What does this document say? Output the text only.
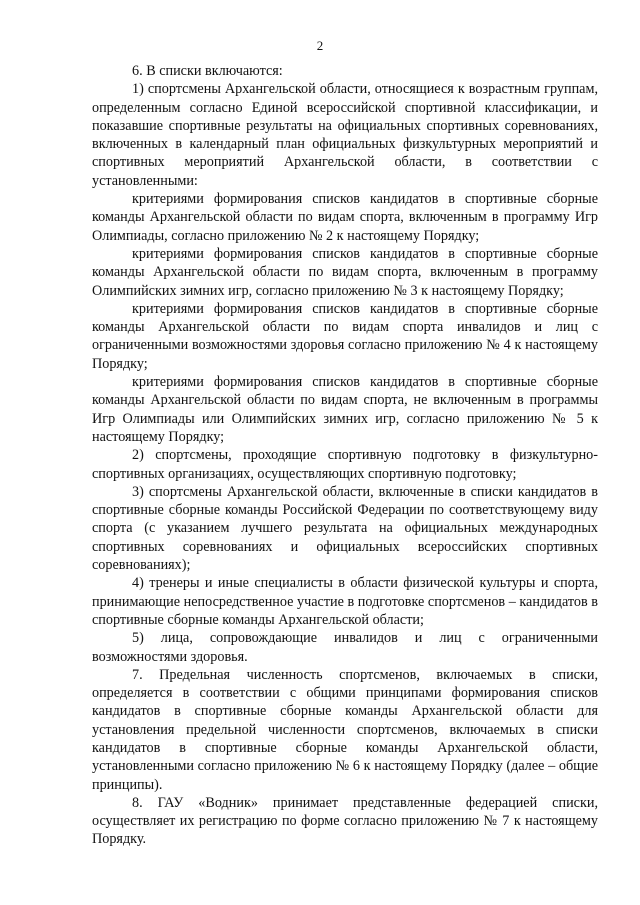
2

6. В списки включаются:

1) спортсмены Архангельской области, относящиеся к возрастным группам, определенным согласно Единой всероссийской спортивной классификации, и показавшие спортивные результаты на официальных спортивных соревнованиях, включенных в календарный план официальных физкультурных мероприятий и спортивных мероприятий Архангельской области, в соответствии с установленными:

критериями формирования списков кандидатов в спортивные сборные команды Архангельской области по видам спорта, включенным в программу Игр Олимпиады, согласно приложению № 2 к настоящему Порядку;

критериями формирования списков кандидатов в спортивные сборные команды Архангельской области по видам спорта, включенным в программу Олимпийских зимних игр, согласно приложению № 3 к настоящему Порядку;

критериями формирования списков кандидатов в спортивные сборные команды Архангельской области по видам спорта инвалидов и лиц с ограниченными возможностями здоровья согласно приложению № 4 к настоящему Порядку;

критериями формирования списков кандидатов в спортивные сборные команды Архангельской области по видам спорта, не включенным в программы Игр Олимпиады или Олимпийских зимних игр, согласно приложению № 5 к настоящему Порядку;

2) спортсмены, проходящие спортивную подготовку в физкультурно-спортивных организациях, осуществляющих спортивную подготовку;

3) спортсмены Архангельской области, включенные в списки кандидатов в спортивные сборные команды Российской Федерации по соответствующему виду спорта (с указанием лучшего результата на официальных международных спортивных соревнованиях и официальных всероссийских спортивных соревнованиях);

4) тренеры и иные специалисты в области физической культуры и спорта, принимающие непосредственное участие в подготовке спортсменов – кандидатов в спортивные сборные команды Архангельской области;

5) лица, сопровождающие инвалидов и лиц с ограниченными возможностями здоровья.

7. Предельная численность спортсменов, включаемых в списки, определяется в соответствии с общими принципами формирования списков кандидатов в спортивные сборные команды Архангельской области для установления предельной численности спортсменов, включаемых в списки кандидатов в спортивные сборные команды Архангельской области, установленными согласно приложению № 6 к настоящему Порядку (далее – общие принципы).

8. ГАУ «Водник» принимает представленные федерацией списки, осуществляет их регистрацию по форме согласно приложению № 7 к настоящему Порядку.
